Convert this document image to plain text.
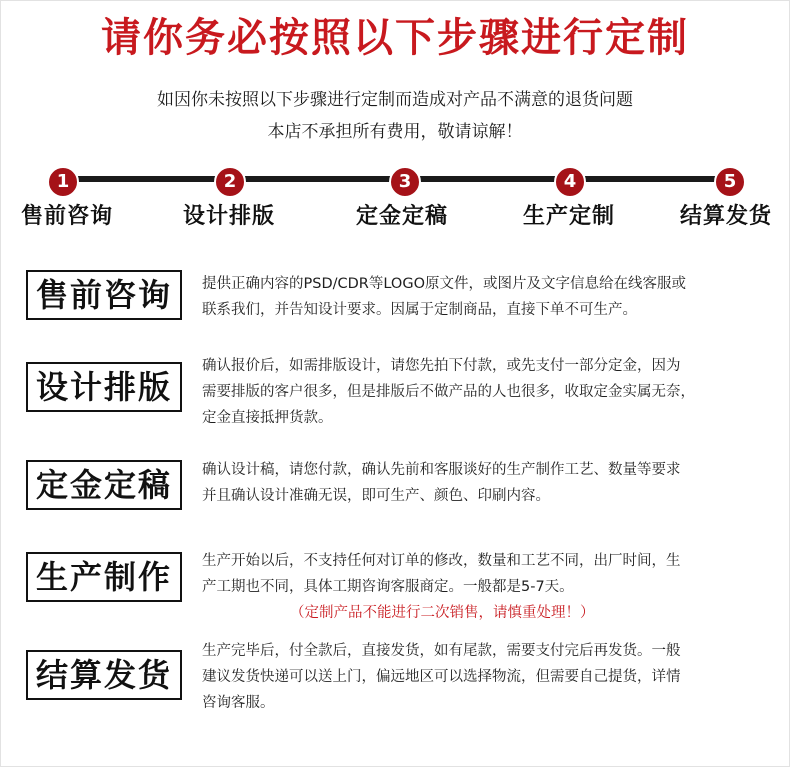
请你务必按照以下步骤进行定制
如因你未按照以下步骤进行定制而造成对产品不满意的退货问题
本店不承担所有费用，敬请谅解！
1	2	3	4	5
售前咨询	设计排版	定金定稿	生产定制	结算发货
售前咨询	提供正确内容的PSD/CDR等LOGO原文件，或图片及文字信息给在线客服或

联系我们，并告知设计要求。因属于定制商品，直接下单不可生产。

设计排版

确认报价后，如需排版设计，请您先拍下付款，或先支付一部分定金，因为

需要排版的客户很多，但是排版后不做产品的人也很多，收取定金实属无奈，

定金直接抵押货款。

定金定稿	确认设计稿，请您付款，确认先前和客服谈好的生产制作工艺、数量等要求

并且确认设计准确无误，即可生产、颜色、印刷内容。

生产制作	生产开始以后，不支持任何对订单的修改，数量和工艺不同，出厂时间，生

产工期也不同，具体工期咨询客服商定。一般都是5-7天。

（定制产品不能进行二次销售，请慎重处理！）

结算发货

生产完毕后，付全款后，直接发货，如有尾款，需要支付完后再发货。一般

建议发货快递可以送上门，偏远地区可以选择物流，但需要自己提货，详情

咨询客服。
